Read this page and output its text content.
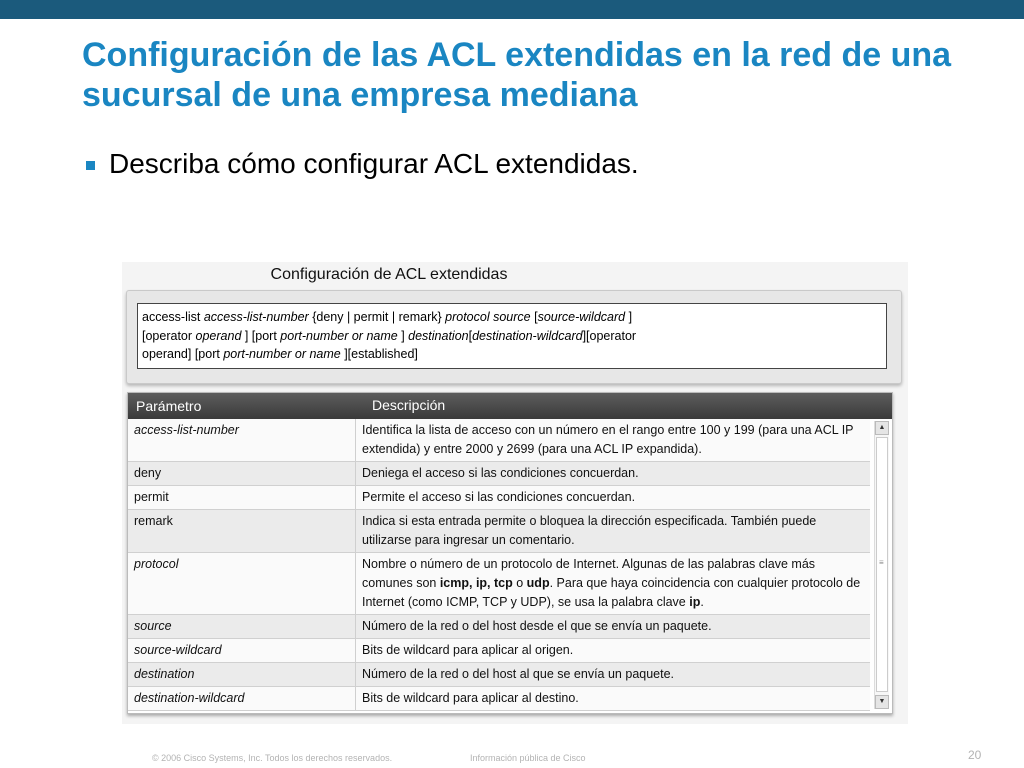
Configuración de las ACL extendidas en la red de una sucursal de una empresa mediana
Describa cómo configurar ACL extendidas.
Configuración de ACL extendidas
access-list access-list-number {deny | permit | remark} protocol source [source-wildcard ]
[operator operand ] [port port-number or name ] destination[destination-wildcard][operator
operand] [port port-number or name ][established]
Parámetro	Descripción
access-list-number	Identifica la lista de acceso con un número en el rango entre 100 y 199 (para una ACL IP extendida) y entre 2000 y 2699 (para una ACL IP expandida).
deny	Deniega el acceso si las condiciones concuerdan.
permit	Permite el acceso si las condiciones concuerdan.
remark	Indica si esta entrada permite o bloquea la dirección especificada. También puede utilizarse para ingresar un comentario.
protocol	Nombre o número de un protocolo de Internet. Algunas de las palabras clave más comunes son icmp, ip, tcp o udp. Para que haya coincidencia con cualquier protocolo de Internet (como ICMP, TCP y UDP), se usa la palabra clave ip.
source	Número de la red o del host desde el que se envía un paquete.
source-wildcard	Bits de wildcard para aplicar al origen.
destination	Número de la red o del host al que se envía un paquete.
destination-wildcard	Bits de wildcard para aplicar al destino.
▲
≡
▼
© 2006 Cisco Systems, Inc. Todos los derechos reservados.	Información pública de Cisco	20
